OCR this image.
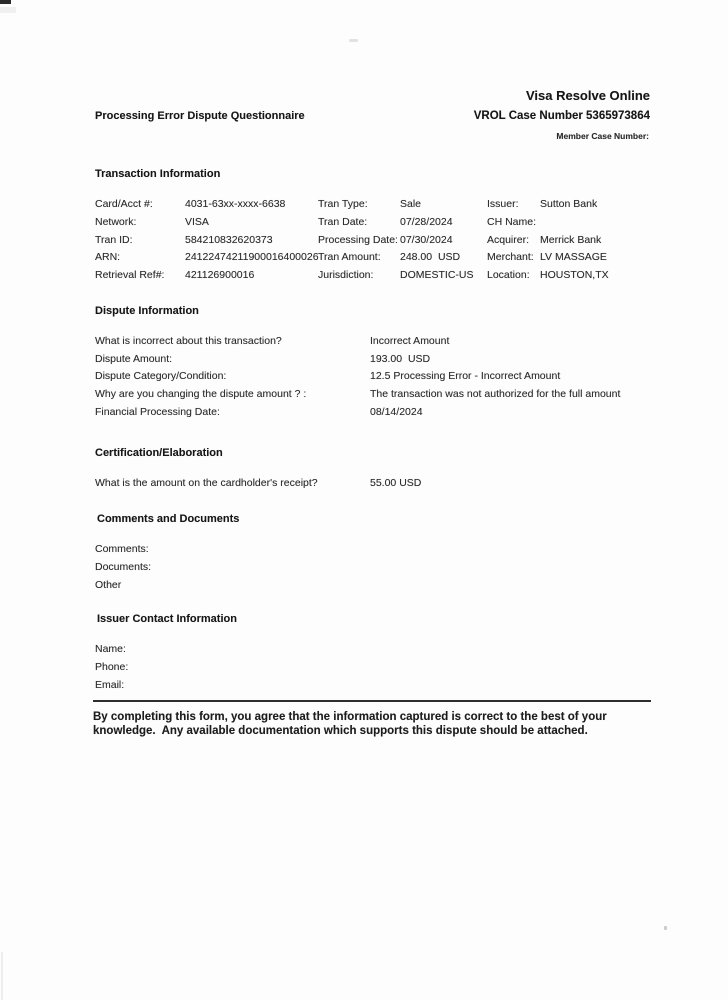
Visa Resolve Online
Processing Error Dispute Questionnaire	VROL Case Number 5365973864
Member Case Number:
Transaction Information
Card/Acct #:	4031-63xx-xxxx-6638	Tran Type:	Sale	Issuer:	Sutton Bank
Network:	VISA	Tran Date:	07/28/2024	CH Name:
Tran ID:	584210832620373	Processing Date: 07/30/2024	Acquirer:	Merrick Bank
ARN:	24122474211900016400026 Tran Amount:	248.00  USD	Merchant: LV MASSAGE
Retrieval Ref#:	421126900016	Jurisdiction:	DOMESTIC-US	Location: HOUSTON,TX
Dispute Information
What is incorrect about this transaction?	Incorrect Amount
Dispute Amount:	193.00  USD
Dispute Category/Condition:	12.5 Processing Error - Incorrect Amount
Why are you changing the dispute amount ? :	The transaction was not authorized for the full amount
Financial Processing Date:	08/14/2024
Certification/Elaboration
What is the amount on the cardholder's receipt?	55.00 USD
Comments and Documents
Comments:
Documents:
Other
Issuer Contact Information
Name:
Phone:
Email:
By completing this form, you agree that the information captured is correct to the best of your knowledge.  Any available documentation which supports this dispute should be attached.
